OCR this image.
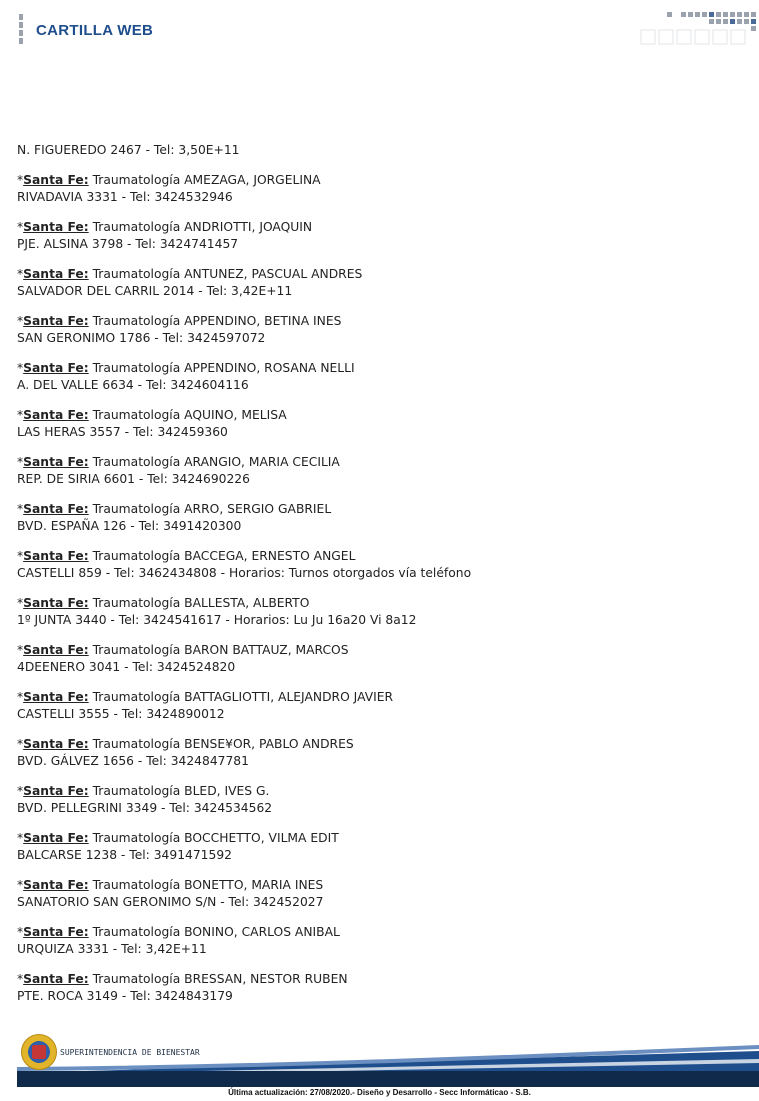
CARTILLA WEB
N. FIGUEREDO 2467 - Tel: 3,50E+11
*Santa Fe: Traumatología AMEZAGA, JORGELINA
RIVADAVIA 3331 - Tel: 3424532946
*Santa Fe: Traumatología ANDRIOTTI, JOAQUIN
PJE. ALSINA 3798 - Tel: 3424741457
*Santa Fe: Traumatología ANTUNEZ, PASCUAL ANDRES
SALVADOR DEL CARRIL 2014 - Tel: 3,42E+11
*Santa Fe: Traumatología APPENDINO, BETINA INES
SAN GERONIMO 1786 - Tel: 3424597072
*Santa Fe: Traumatología APPENDINO, ROSANA NELLI
A. DEL VALLE 6634 - Tel: 3424604116
*Santa Fe: Traumatología AQUINO, MELISA
LAS HERAS 3557 - Tel: 342459360
*Santa Fe: Traumatología ARANGIO, MARIA CECILIA
REP. DE SIRIA 6601 - Tel: 3424690226
*Santa Fe: Traumatología ARRO, SERGIO GABRIEL
BVD. ESPAÑA 126 - Tel: 3491420300
*Santa Fe: Traumatología BACCEGA, ERNESTO ANGEL
CASTELLI 859 - Tel: 3462434808 - Horarios: Turnos otorgados vía teléfono
*Santa Fe: Traumatología BALLESTA, ALBERTO
1º JUNTA 3440 - Tel: 3424541617 - Horarios: Lu Ju 16a20 Vi 8a12
*Santa Fe: Traumatología BARON BATTAUZ, MARCOS
4DEENERO 3041 - Tel: 3424524820
*Santa Fe: Traumatología BATTAGLIOTTI, ALEJANDRO JAVIER
CASTELLI 3555 - Tel: 3424890012
*Santa Fe: Traumatología BENSE¥OR, PABLO ANDRES
BVD. GÁLVEZ 1656 - Tel: 3424847781
*Santa Fe: Traumatología BLED, IVES G.
BVD. PELLEGRINI 3349 - Tel: 3424534562
*Santa Fe: Traumatología BOCCHETTO, VILMA EDIT
BALCARSE 1238 - Tel: 3491471592
*Santa Fe: Traumatología BONETTO, MARIA INES
SANATORIO SAN GERONIMO S/N - Tel: 342452027
*Santa Fe: Traumatología BONINO, CARLOS ANIBAL
URQUIZA 3331 - Tel: 3,42E+11
*Santa Fe: Traumatología BRESSAN, NESTOR RUBEN
PTE. ROCA 3149 - Tel: 3424843179
SUPERINTENDENCIA DE BIENESTAR
Última actualización: 27/08/2020.- Diseño y Desarrollo - Secc Informáticao - S.B.
